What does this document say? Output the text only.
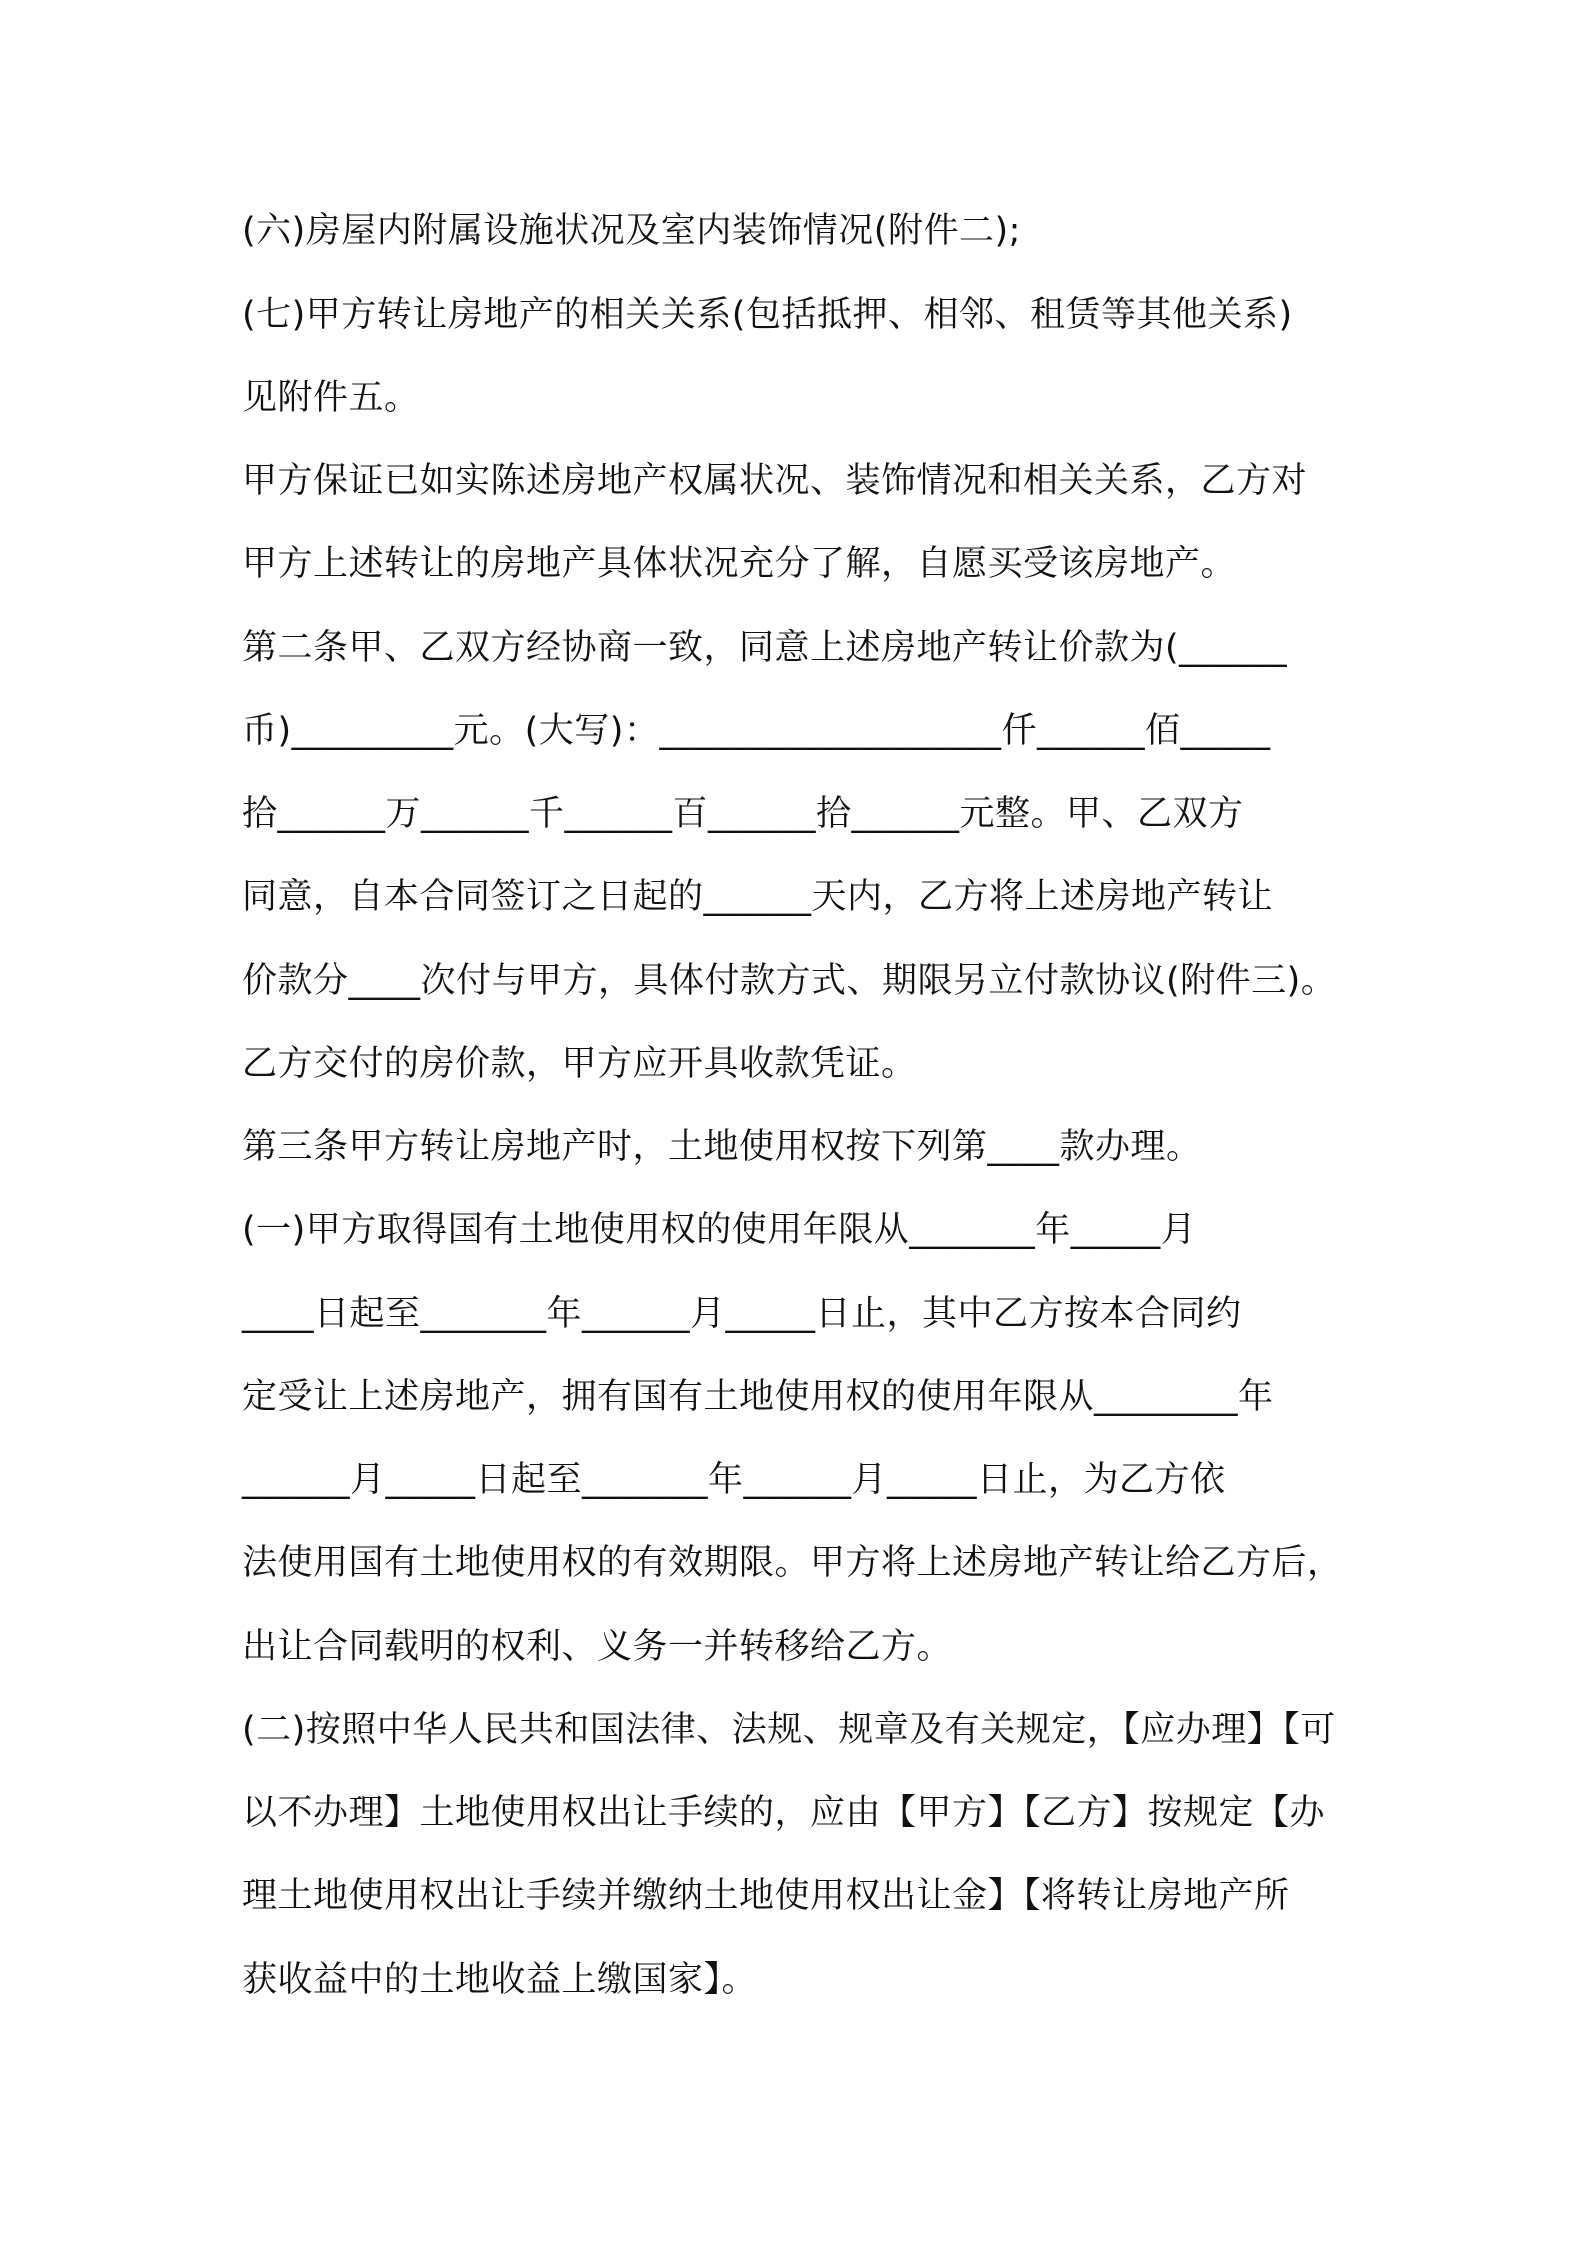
(六)房屋内附属设施状况及室内装饰情况(附件二);
(七)甲方转让房地产的相关关系(包括抵押、相邻、租赁等其他关系)
见附件五。
甲方保证已如实陈述房地产权属状况、装饰情况和相关关系，乙方对
甲方上述转让的房地产具体状况充分了解，自愿买受该房地产。
第二条甲、乙双方经协商一致，同意上述房地产转让价款为(______
币)_________元。(大写)：___________________仟______佰_____
拾______万______千______百______拾______元整。甲、乙双方
同意，自本合同签订之日起的______天内，乙方将上述房地产转让
价款分____次付与甲方，具体付款方式、期限另立付款协议(附件三)。
乙方交付的房价款，甲方应开具收款凭证。
第三条甲方转让房地产时，土地使用权按下列第____款办理。
(一)甲方取得国有土地使用权的使用年限从_______年_____月
____日起至_______年______月_____日止，其中乙方按本合同约
定受让上述房地产，拥有国有土地使用权的使用年限从________年
______月_____日起至_______年______月_____日止，为乙方依
法使用国有土地使用权的有效期限。甲方将上述房地产转让给乙方后，
出让合同载明的权利、义务一并转移给乙方。
(二)按照中华人民共和国法律、法规、规章及有关规定，【应办理】【可
以不办理】土地使用权出让手续的，应由【甲方】【乙方】按规定【办
理土地使用权出让手续并缴纳土地使用权出让金】【将转让房地产所
获收益中的土地收益上缴国家】。
